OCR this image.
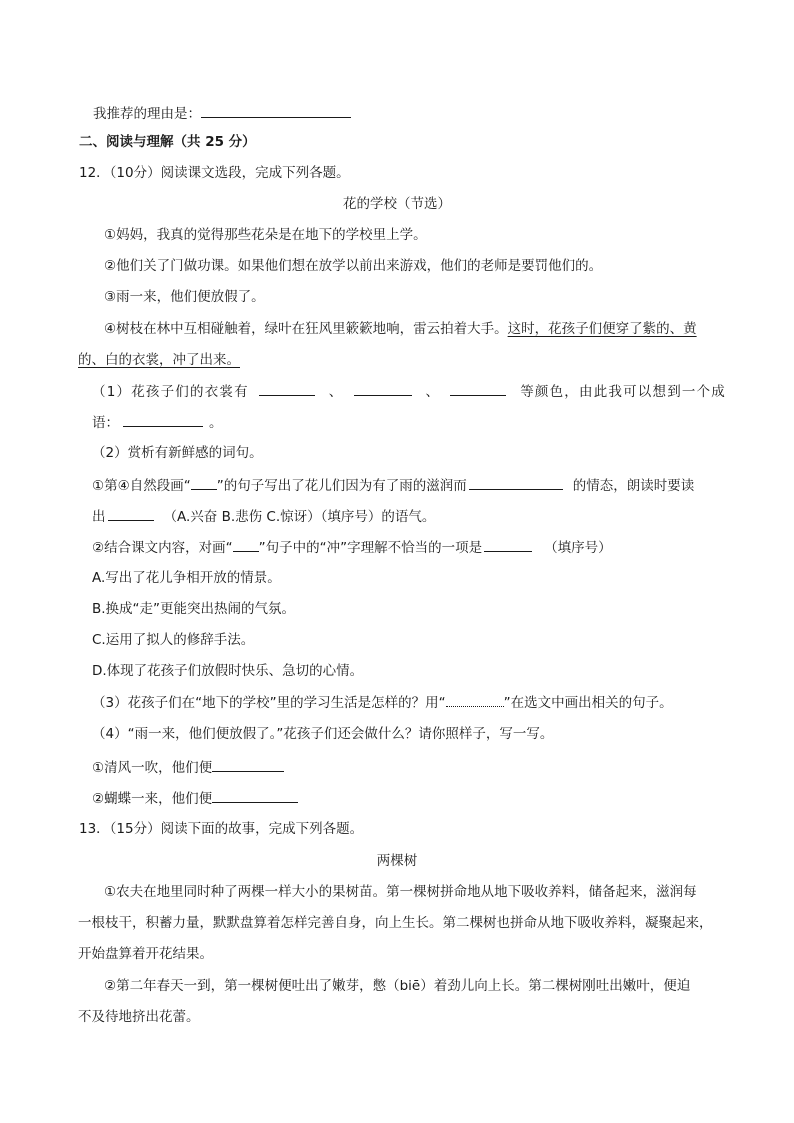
我推荐的理由是：
二、阅读与理解（共 25 分）
12．（10分）阅读课文选段，完成下列各题。
花的学校（节选）
①妈妈，我真的觉得那些花朵是在地下的学校里上学。
②他们关了门做功课。如果他们想在放学以前出来游戏，他们的老师是要罚他们的。
③雨一来，他们便放假了。
④树枝在林中互相碰触着，绿叶在狂风里簌簌地响，雷云拍着大手。这时，花孩子们便穿了紫的、黄
的、白的衣裳，冲了出来。
（1）花孩子们的衣裳有	、	、	等颜色，由此我可以想到一个成
语：	。
（2）赏析有新鲜感的词句。
①第④自然段画“ ”的句子写出了花儿们因为有了雨的滋润而	的情态，朗读时要读
出	（A.兴奋 B.悲伤 C.惊讶）（填序号）的语气。
②结合课文内容，对画“ ”句子中的“冲”字理解不恰当的一项是	（填序号）
A.写出了花儿争相开放的情景。
B.换成“走”更能突出热闹的气氛。
C.运用了拟人的修辞手法。
D.体现了花孩子们放假时快乐、急切的心情。
（3）花孩子们在“地下的学校”里的学习生活是怎样的？用“	”在选文中画出相关的句子。
（4）“雨一来，他们便放假了。”花孩子们还会做什么？请你照样子，写一写。
①清风一吹，他们便
②蝴蝶一来，他们便
13．（15分）阅读下面的故事，完成下列各题。
两棵树
①农夫在地里同时种了两棵一样大小的果树苗。第一棵树拼命地从地下吸收养料，储备起来，滋润每
一根枝干，积蓄力量，默默盘算着怎样完善自身，向上生长。第二棵树也拼命从地下吸收养料，凝聚起来，
开始盘算着开花结果。
②第二年春天一到，第一棵树便吐出了嫩芽，憋（biē）着劲儿向上长。第二棵树刚吐出嫩叶，便迫
不及待地挤出花蕾。
